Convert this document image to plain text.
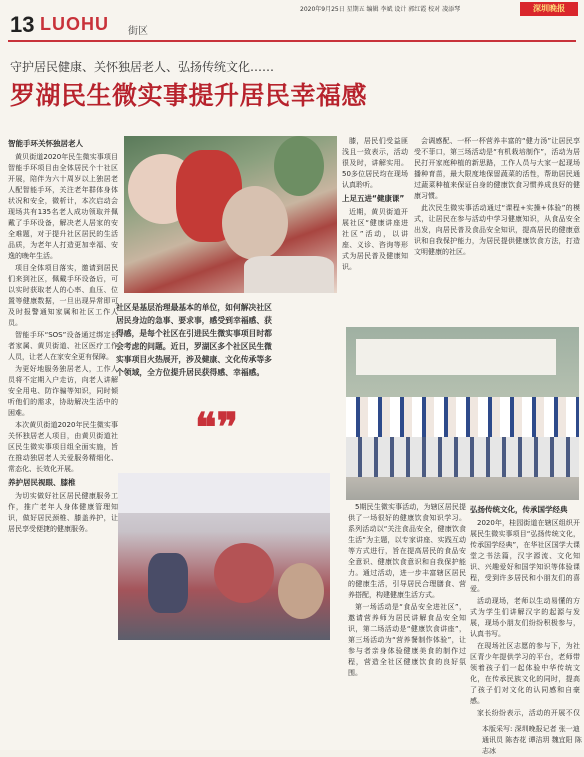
13 LUOHU 街区
2020年9月25日 星期五 编辑 李斌 设计 郭红霞 校对 凌添琴	深圳晚报
守护居民健康、关怀独居老人、弘扬传统文化……
罗湖民生微实事提升居民幸福感
智能手环关怀独居老人

黄贝街道2020年民生微实事项目智能手环项目由全体居民个十社区开展，陪伴为六十周岁以上独居老人配智能手环，关注老年群体身体状况和安全，微析计，本次启动会现场共有135名老人成功领取并佩戴了手环设备，解决老人居家的安全难题，对于提升社区居民的生活品质，为老年人打造更加幸福、安逸的晚年生活。

项目全体项目落实，邀请到居民们来到社区，佩戴手环设备后，可以实时获取老人的心率、血压、位置等健康数据，一旦出现异常即可及时报警通知家属和社区工作人员。

智能手环“SOS”设备通过绑定长者家属、黄贝街道、社区医疗工作人员，让老人在家安全更有保障。

为更好地服务独居老人，工作人员将不定期入户走访，向老人讲解安全用电、防诈骗等知识，同时倾听他们的需求，协助解决生活中的困难。

本次黄贝街道2020年民生微实事关怀独居老人项目，由黄贝街道社区民生微实事项目组全面实施，旨在推动独居老人关爱服务精细化、常态化、长效化开展。

养护居民视眼、膝椎

为切实做好社区居民健康服务工作，推广老年人身体健康管理知识，做好居民颈椎、膝盖养护，让居民享受便捷的健康服务。

膝，居民们受益匪浅且一致表示，活动很及时，讲解实用。50多位居民均在现场认真聆听。

上足五进“健康课”

近期，黄贝街道开展社区“健康讲座进社区”活动，以讲座、义诊、咨询等形式为居民普及健康知识。

会调感配、一杯一杯营养丰富的“健力汤”让居民享受不菲口，第三场活动是“有机栽培制作”，活动为居民打开家庭种植的新思路，工作人员与大家一起现场播种育苗，最大限度地保留蔬菜的活性，帮助居民通过蔬菜种植来保证自身的健康饮食习惯养成良好的健康习惯。

此次民生微实事活动通过“课程+实操+体验”的模式，让居民在参与活动中学习健康知识，从食品安全出发，向居民普及食品安全知识，提高居民的健康意识和自我保护能力，为居民提供健康饮食方法，打造文明健康的社区。

社区是基层治理最基本的单位，如何解决社区居民身边的急事、要求事，感受到幸福感、获得感，是每个社区在引进民生微实事项目时都会考虑的问题。近日，罗湖区多个社区民生微实事项目火热展开，涉及健康、文化传承等多个领域，全方位提升居民获得感、幸福感。
❝❞

5期民生微实事活动，为辖区居民提供了一场很好的健康饮食知识学习。系列活动以“关注食品安全，健康饮食生活”为主题，以专家讲座、实践互动等方式进行，旨在提高居民的食品安全意识、健康饮食意识和自我保护能力。通过活动，进一步丰富辖区居民的健康生活，引导居民合理膳食、营养搭配，构建健康生活方式。

第一场活动是“食品安全进社区”，邀请营养师为居民讲解食品安全知识，第二场活动是“健康饮食讲座”，第三场活动为“营养餐制作体验”，让参与者亲身体验健康美食的制作过程，营造全社区健康饮食的良好氛围。

弘扬传统文化，传承国学经典

2020年，桂园街道在辖区组织开展民生微实事项目“弘扬传统文化，传承国学经典”，在华社区国学大课堂之书法篇，汉字源流、文化知识、兴趣爱好和国学知识等体验课程，受到许多居民和小朋友们的喜爱。

活动现场，老师以生动易懂的方式为学生们讲解汉字的起源与发展，现场小朋友们纷纷积极参与，认真书写。

在现场社区志愿的参与下，为社区青少年提供学习的平台，老师带领着孩子们一起体验中华传统文化，在传承民族文化的同时，提高了孩子们对文化的认同感和自豪感。

家长纷纷表示，活动的开展不仅

本版采写: 深圳晚报记者 张一迪
通讯员 陈杏花 谭洁玥 魏宜阳 陈志冰
